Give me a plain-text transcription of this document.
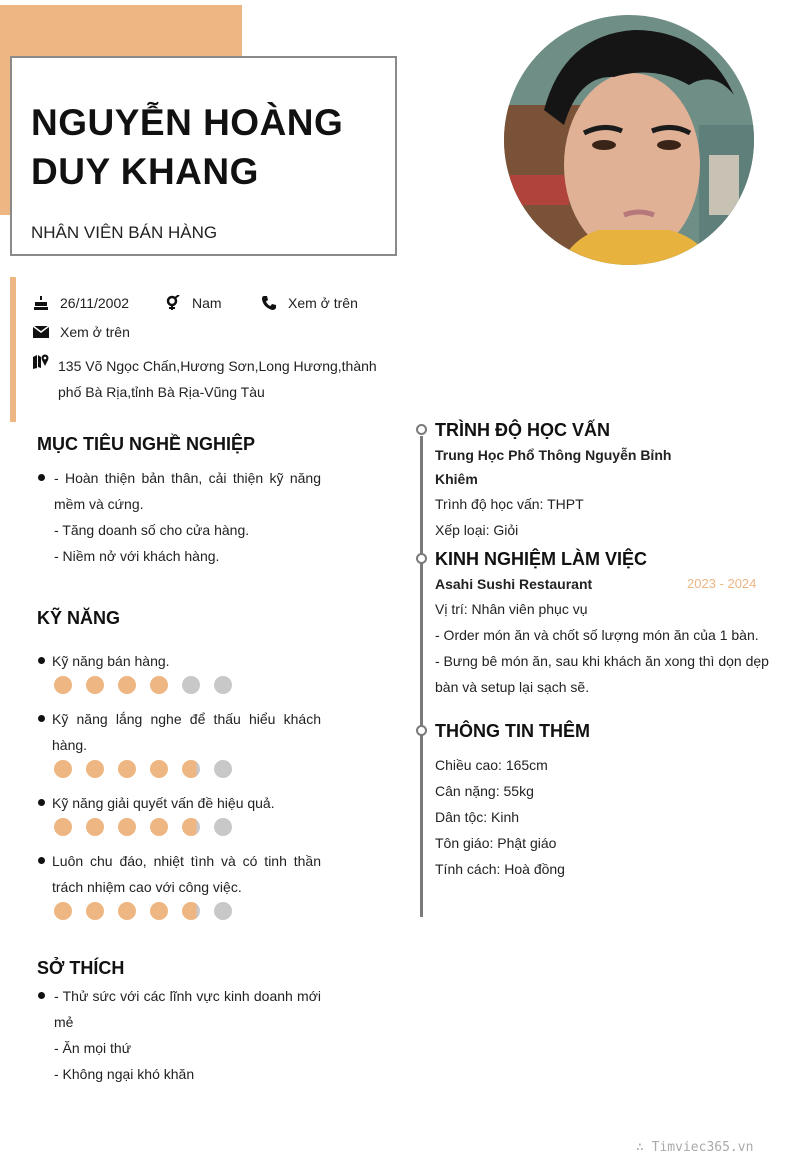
NGUYỄN HOÀNG
DUY KHANG
NHÂN VIÊN BÁN HÀNG
26/11/2002	Nam	Xem ở trên
Xem ở trên
135 Võ Ngọc Chấn,Hương Sơn,Long Hương,thành
phố Bà Rịa,tỉnh Bà Rịa-Vũng Tàu
MỤC TIÊU NGHỀ NGHIỆP
- Hoàn thiện bản thân, cải thiện kỹ năng mềm và cứng.
- Tăng doanh số cho cửa hàng.
- Niềm nở với khách hàng.
KỸ NĂNG
Kỹ năng bán hàng.
Kỹ năng lắng nghe để thấu hiểu khách hàng.
Kỹ năng giải quyết vấn đề hiệu quả.
Luôn chu đáo, nhiệt tình và có tinh thần trách nhiệm cao với công việc.
SỞ THÍCH
- Thử sức với các lĩnh vực kinh doanh mới mẻ
- Ăn mọi thứ
- Không ngại khó khăn
TRÌNH ĐỘ HỌC VẤN
Trung Học Phổ Thông Nguyễn Bỉnh
Khiêm
Trình độ học vấn: THPT
Xếp loại: Giỏi
KINH NGHIỆM LÀM VIỆC
Asahi Sushi Restaurant	2023 - 2024
Vị trí: Nhân viên phục vụ
- Order món ăn và chốt số lượng món ăn của 1 bàn.
- Bưng bê món ăn, sau khi khách ăn xong thì dọn dẹp
bàn và setup lại sạch sẽ.
THÔNG TIN THÊM
Chiều cao: 165cm
Cân nặng: 55kg
Dân tộc: Kinh
Tôn giáo: Phật giáo
Tính cách: Hoà đồng
∴ Timviec365.vn
